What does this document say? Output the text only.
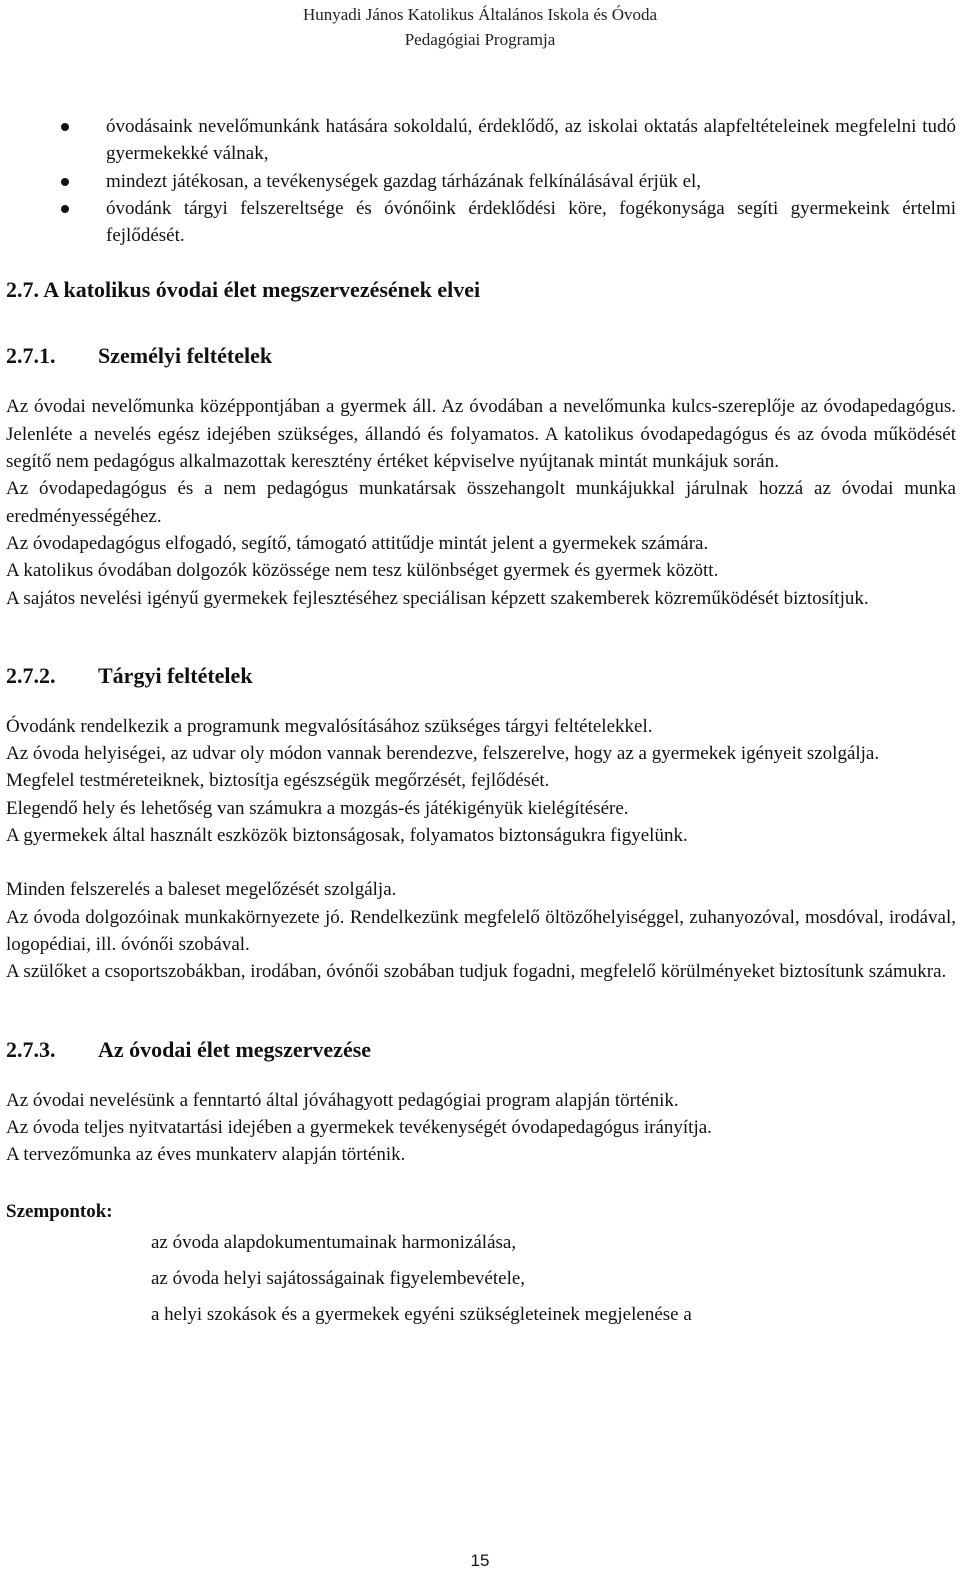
Hunyadi János Katolikus Általános Iskola és Óvoda
Pedagógiai Programja
óvodásaink nevelőmunkánk hatására sokoldalú, érdeklődő, az iskolai oktatás alapfeltételeinek megfelelni tudó gyermekekké válnak,
mindezt játékosan, a tevékenységek gazdag tárházának felkínálásával érjük el,
óvodánk tárgyi felszereltsége és óvónőink érdeklődési köre, fogékonysága segíti gyermekeink értelmi fejlődését.
2.7. A katolikus óvodai élet megszervezésének elvei
2.7.1. Személyi feltételek

Az óvodai nevelőmunka középpontjában a gyermek áll. Az óvodában a nevelőmunka kulcs-szereplője az óvodapedagógus. Jelenléte a nevelés egész idejében szükséges, állandó és folyamatos. A katolikus óvodapedagógus és az óvoda működését segítő nem pedagógus alkalmazottak keresztény értéket képviselve nyújtanak mintát munkájuk során.

Az óvodapedagógus és a nem pedagógus munkatársak összehangolt munkájukkal járulnak hozzá az óvodai munka eredményességéhez.

Az óvodapedagógus elfogadó, segítő, támogató attitűdje mintát jelent a gyermekek számára.

A katolikus óvodában dolgozók közössége nem tesz különbséget gyermek és gyermek között.

A sajátos nevelési igényű gyermekek fejlesztéséhez speciálisan képzett szakemberek közreműködését biztosítjuk.

2.7.2. Tárgyi feltételek

Óvodánk rendelkezik a programunk megvalósításához szükséges tárgyi feltételekkel.

Az óvoda helyiségei, az udvar oly módon vannak berendezve, felszerelve, hogy az a gyermekek igényeit szolgálja.

Megfelel testméreteiknek, biztosítja egészségük megőrzését, fejlődését.

Elegendő hely és lehetőség van számukra a mozgás-és játékigényük kielégítésére.

A gyermekek által használt eszközök biztonságosak, folyamatos biztonságukra figyelünk.

Minden felszerelés a baleset megelőzését szolgálja.

Az óvoda dolgozóinak munkakörnyezete jó. Rendelkezünk megfelelő öltözőhelyiséggel, zuhanyozóval, mosdóval, irodával, logopédiai, ill. óvónői szobával.

A szülőket a csoportszobákban, irodában, óvónői szobában tudjuk fogadni, megfelelő körülményeket biztosítunk számukra.

2.7.3. Az óvodai élet megszervezése

Az óvodai nevelésünk a fenntartó által jóváhagyott pedagógiai program alapján történik.

Az óvoda teljes nyitvatartási idejében a gyermekek tevékenységét óvodapedagógus irányítja.

A tervezőmunka az éves munkaterv alapján történik.

Szempontok:
az óvoda alapdokumentumainak harmonizálása,
az óvoda helyi sajátosságainak figyelembevétele,
a helyi szokások és a gyermekek egyéni szükségleteinek megjelenése a
15
